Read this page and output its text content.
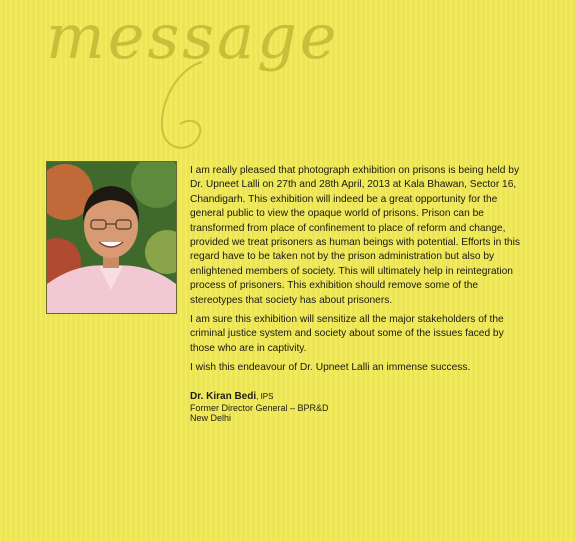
message

I am really pleased that photograph exhibition on prisons is being held by Dr. Upneet Lalli on 27th and 28th April, 2013 at Kala Bhawan, Sector 16, Chandigarh. This exhibition will indeed be a great opportunity for the general public to view the opaque world of prisons. Prison can be transformed from place of confinement to place of reform and change, provided we treat prisoners as human beings with potential. Efforts in this regard have to be taken not by the prison administration but also by enlightened members of society. This will ultimately help in reintegration process of prisoners. This exhibition should remove some of the stereotypes that society has about prisoners.

I am sure this exhibition will sensitize all the major stakeholders of the criminal justice system and society about some of the issues faced by those who are in captivity.

I wish this endeavour of Dr. Upneet Lalli an immense success.

Dr. Kiran Bedi, IPS
Former Director General – BPR&D
New Delhi
